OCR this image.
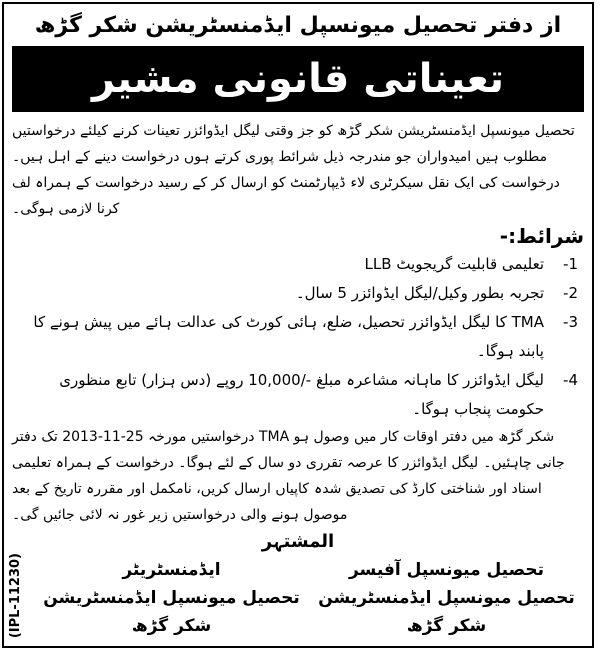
از دفتر تحصیل میونسپل ایڈمنسٹریشن شکر گڑھ
تعیناتی قانونی مشیر
تحصیل میونسپل ایڈمنسٹریشن شکر گڑھ کو جز وقتی لیگل ایڈوائزر تعینات کرنے کیلئے درخواستیں مطلوب ہیں امیدواران جو مندرجہ ذیل شرائط پوری کرتے ہوں درخواست دینے کے اہل ہیں۔ درخواست کی ایک نقل سیکرٹری لاء ڈیپارٹمنٹ کو ارسال کر کے رسید درخواست کے ہمراہ لف کرنا لازمی ہوگی۔
شرائط:-
-1
تعلیمی قابلیت گریجویٹ LLB
-2
تجربہ بطور وکیل/لیگل ایڈوائزر 5 سال۔
-3
TMA کا لیگل ایڈوائزر تحصیل، ضلع، ہائی کورٹ کی عدالت ہائے میں پیش ہونے کا پابند ہوگا۔
-4
لیگل ایڈوائزر کا ماہانہ مشاعرہ مبلغ -/10,000 روپے (دس ہزار) تابع منظوری حکومت پنجاب ہوگا۔
درخواستیں مورخہ 25-11-2013 تک دفتر TMA شکر گڑھ میں دفتر اوقات کار میں وصول ہو جانی چاہئیں۔ لیگل ایڈوائزر کا عرصہ تقرری دو سال کے لئے ہوگا۔ درخواست کے ہمراہ تعلیمی اسناد اور شناختی کارڈ کی تصدیق شدہ کاپیاں ارسال کریں، نامکمل اور مقررہ تاریخ کے بعد موصول ہونے والی درخواستیں زیر غور نہ لائی جائیں گی۔
المشتہر
تحصیل میونسپل آفیسر
تحصیل میونسپل ایڈمنسٹریشن شکر گڑھ
ایڈمنسٹریٹر
تحصیل میونسپل ایڈمنسٹریشن شکر گڑھ
(IPL-11230)
